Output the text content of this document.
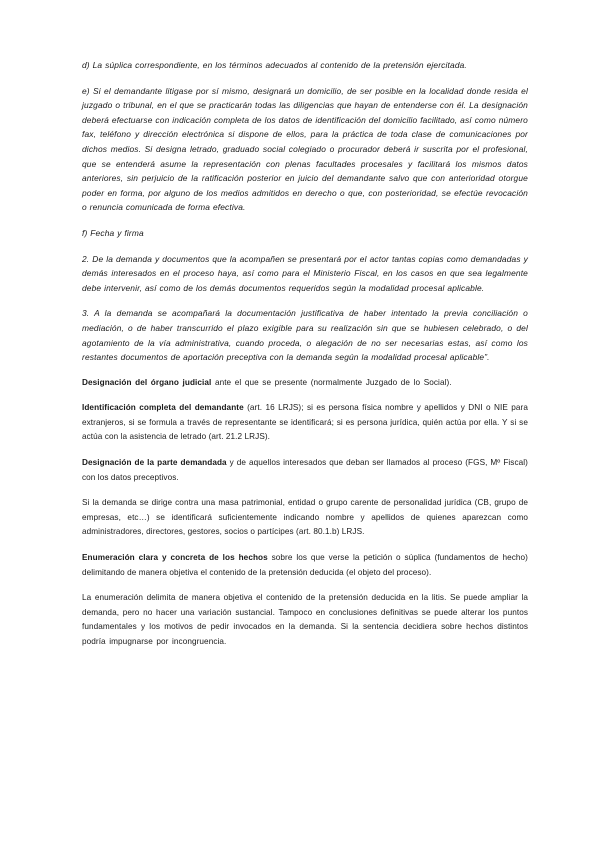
d) La súplica correspondiente, en los términos adecuados al contenido de la pretensión ejercitada.

e) Si el demandante litigase por sí mismo, designará un domicilio, de ser posible en la localidad donde resida el juzgado o tribunal, en el que se practicarán todas las diligencias que hayan de entenderse con él. La designación deberá efectuarse con indicación completa de los datos de identificación del domicilio facilitado, así como número fax, teléfono y dirección electrónica si dispone de ellos, para la práctica de toda clase de comunicaciones por dichos medios. Si designa letrado, graduado social colegiado o procurador deberá ir suscrita por el profesional, que se entenderá asume la representación con plenas facultades procesales y facilitará los mismos datos anteriores, sin perjuicio de la ratificación posterior en juicio del demandante salvo que con anterioridad otorgue poder en forma, por alguno de los medios admitidos en derecho o que, con posterioridad, se efectúe revocación o renuncia comunicada de forma efectiva.

f) Fecha y firma

2. De la demanda y documentos que la acompañen se presentará por el actor tantas copias como demandadas y demás interesados en el proceso haya, así como para el Ministerio Fiscal, en los casos en que sea legalmente debe intervenir, así como de los demás documentos requeridos según la modalidad procesal aplicable.

3. A la demanda se acompañará la documentación justificativa de haber intentado la previa conciliación o mediación, o de haber transcurrido el plazo exigible para su realización sin que se hubiesen celebrado, o del agotamiento de la vía administrativa, cuando proceda, o alegación de no ser necesarias estas, así como los restantes documentos de aportación preceptiva con la demanda según la modalidad procesal aplicable”.

Designación del órgano judicial ante el que se presente (normalmente Juzgado de lo Social).

Identificación completa del demandante (art. 16 LRJS); si es persona física nombre y apellidos y DNI o NIE para extranjeros, si se formula a través de representante se identificará; si es persona jurídica, quién actúa por ella. Y si se actúa con la asistencia de letrado (art. 21.2 LRJS).

Designación de la parte demandada y de aquellos interesados que deban ser llamados al proceso (FGS, Mº Fiscal) con los datos preceptivos.

Si la demanda se dirige contra una masa patrimonial, entidad o grupo carente de personalidad jurídica (CB, grupo de empresas, etc…) se identificará suficientemente indicando nombre y apellidos de quienes aparezcan como administradores, directores, gestores, socios o partícipes (art. 80.1.b) LRJS.

Enumeración clara y concreta de los hechos sobre los que verse la petición o súplica (fundamentos de hecho) delimitando de manera objetiva el contenido de la pretensión deducida (el objeto del proceso).

La enumeración delimita de manera objetiva el contenido de la pretensión deducida en la litis. Se puede ampliar la demanda, pero no hacer una variación sustancial. Tampoco en conclusiones definitivas se puede alterar los puntos fundamentales y los motivos de pedir invocados en la demanda. Si la sentencia decidiera sobre hechos distintos podría impugnarse por incongruencia.
